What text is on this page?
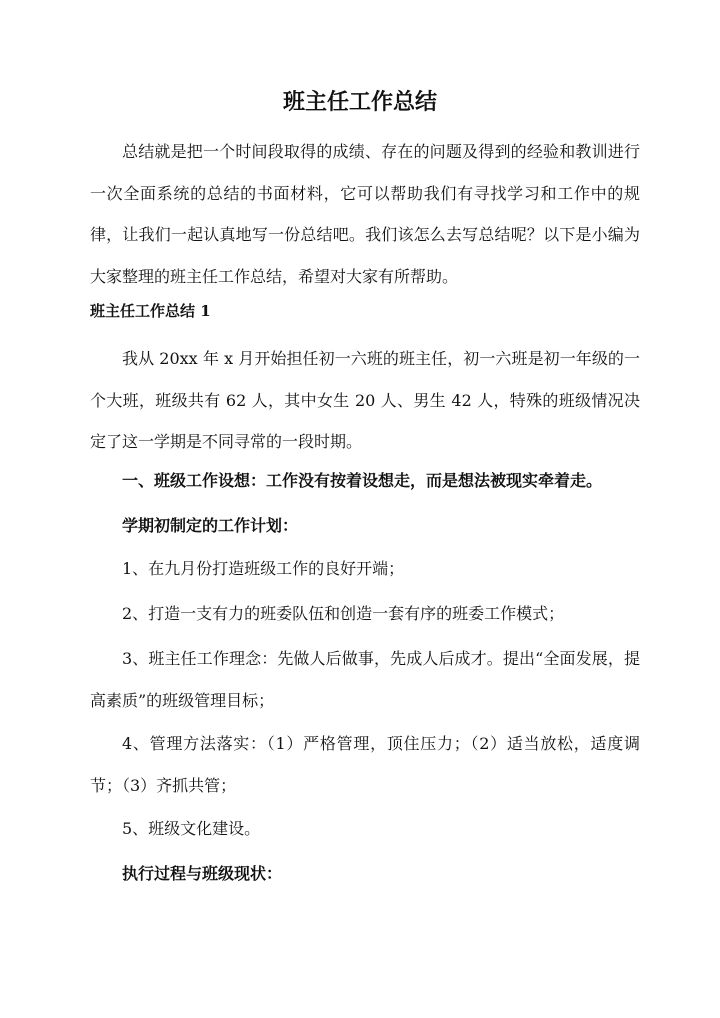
班主任工作总结

总结就是把一个时间段取得的成绩、存在的问题及得到的经验和教训进行一次全面系统的总结的书面材料，它可以帮助我们有寻找学习和工作中的规律，让我们一起认真地写一份总结吧。我们该怎么去写总结呢？以下是小编为大家整理的班主任工作总结，希望对大家有所帮助。

班主任工作总结 1

我从 20xx 年 x 月开始担任初一六班的班主任，初一六班是初一年级的一个大班，班级共有 62 人，其中女生 20 人、男生 42 人，特殊的班级情况决定了这一学期是不同寻常的一段时期。

一、班级工作设想：工作没有按着设想走，而是想法被现实牵着走。

学期初制定的工作计划：

1、在九月份打造班级工作的良好开端；

2、打造一支有力的班委队伍和创造一套有序的班委工作模式；

3、班主任工作理念：先做人后做事，先成人后成才。提出“全面发展，提高素质”的班级管理目标；

4、管理方法落实：（1）严格管理，顶住压力；（2）适当放松，适度调节；（3）齐抓共管；

5、班级文化建设。

执行过程与班级现状：
